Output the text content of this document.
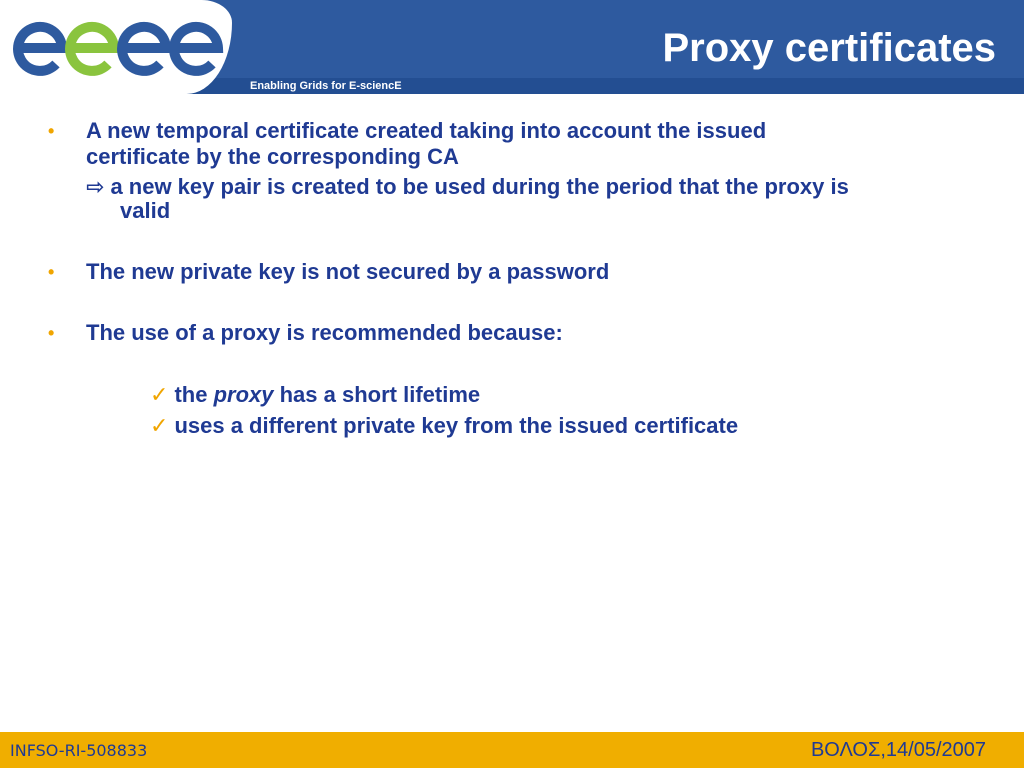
Enabling Grids for E-sciencE
Proxy certificates
• A new temporal certificate created taking into account the issued
certificate by the corresponding CA
⇨ a new key pair is created to be used during the period that the proxy is
valid
• The new private key is not secured by a password
• The use of a proxy is recommended because:
✓ the proxy has a short lifetime
✓ uses a different private key from the issued certificate
INFSO-RI-508833	ΒΟΛΟΣ,14/05/2007
